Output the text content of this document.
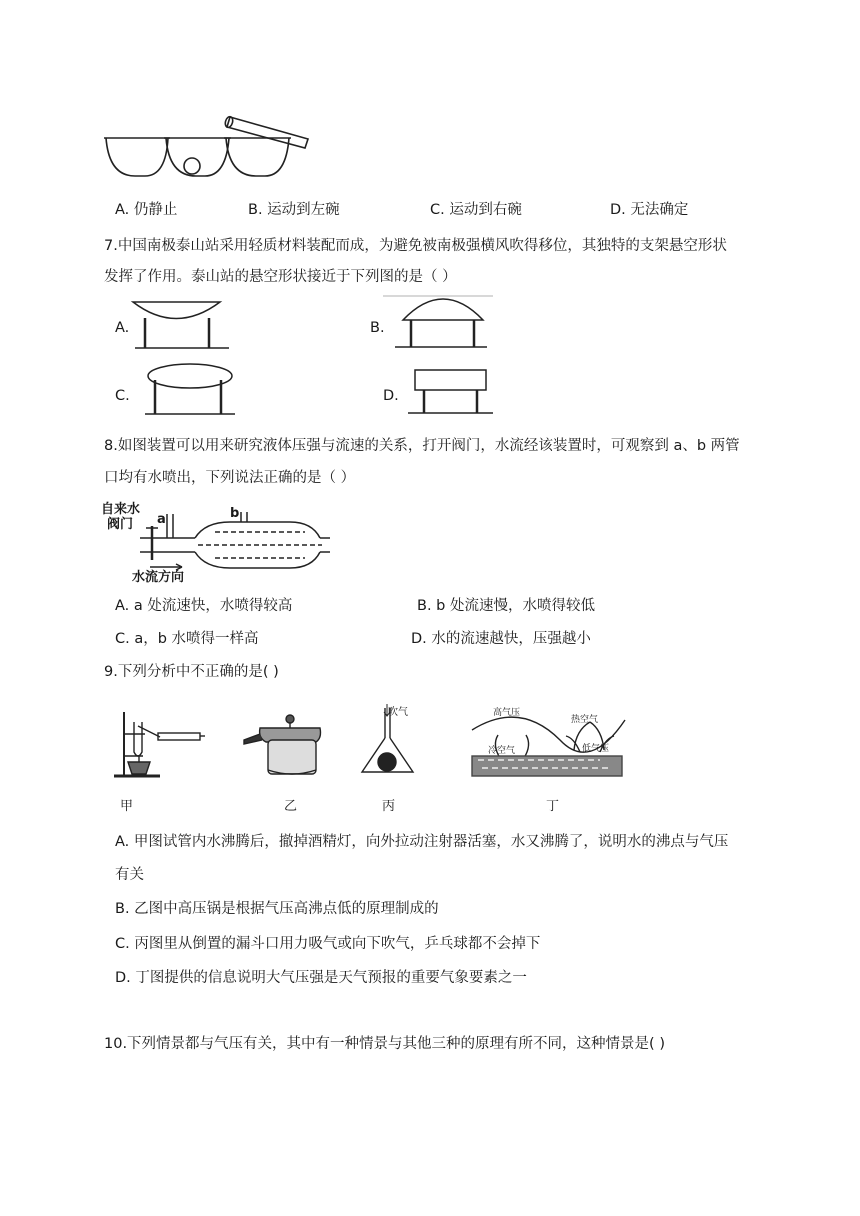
A. 仍静止	B. 运动到左碗	C. 运动到右碗	D. 无法确定
7.中国南极泰山站采用轻质材料装配而成，为避免被南极强横风吹得移位，其独特的支架悬空形状
发挥了作用。泰山站的悬空形状接近于下列图的是（ ）
A.	B.
C.	D.
8.如图装置可以用来研究液体压强与流速的关系，打开阀门，水流经该装置时，可观察到 a、b 两管
口均有水喷出，下列说法正确的是（ ）
自来水
阀门 a	b
水流方向
A. a 处流速快，水喷得较高	B. b 处流速慢，水喷得较低
C. a，b 水喷得一样高	D. 水的流速越快，压强越小
9.下列分析中不正确的是( )
吹气	高气压
冷空气
热空气
低气压
甲	乙	丙	丁
A. 甲图试管内水沸腾后，撤掉酒精灯，向外拉动注射器活塞，水又沸腾了，说明水的沸点与气压
有关
B. 乙图中高压锅是根据气压高沸点低的原理制成的
C. 丙图里从倒置的漏斗口用力吸气或向下吹气，乒乓球都不会掉下
D. 丁图提供的信息说明大气压强是天气预报的重要气象要素之一
10.下列情景都与气压有关，其中有一种情景与其他三种的原理有所不同，这种情景是( )
